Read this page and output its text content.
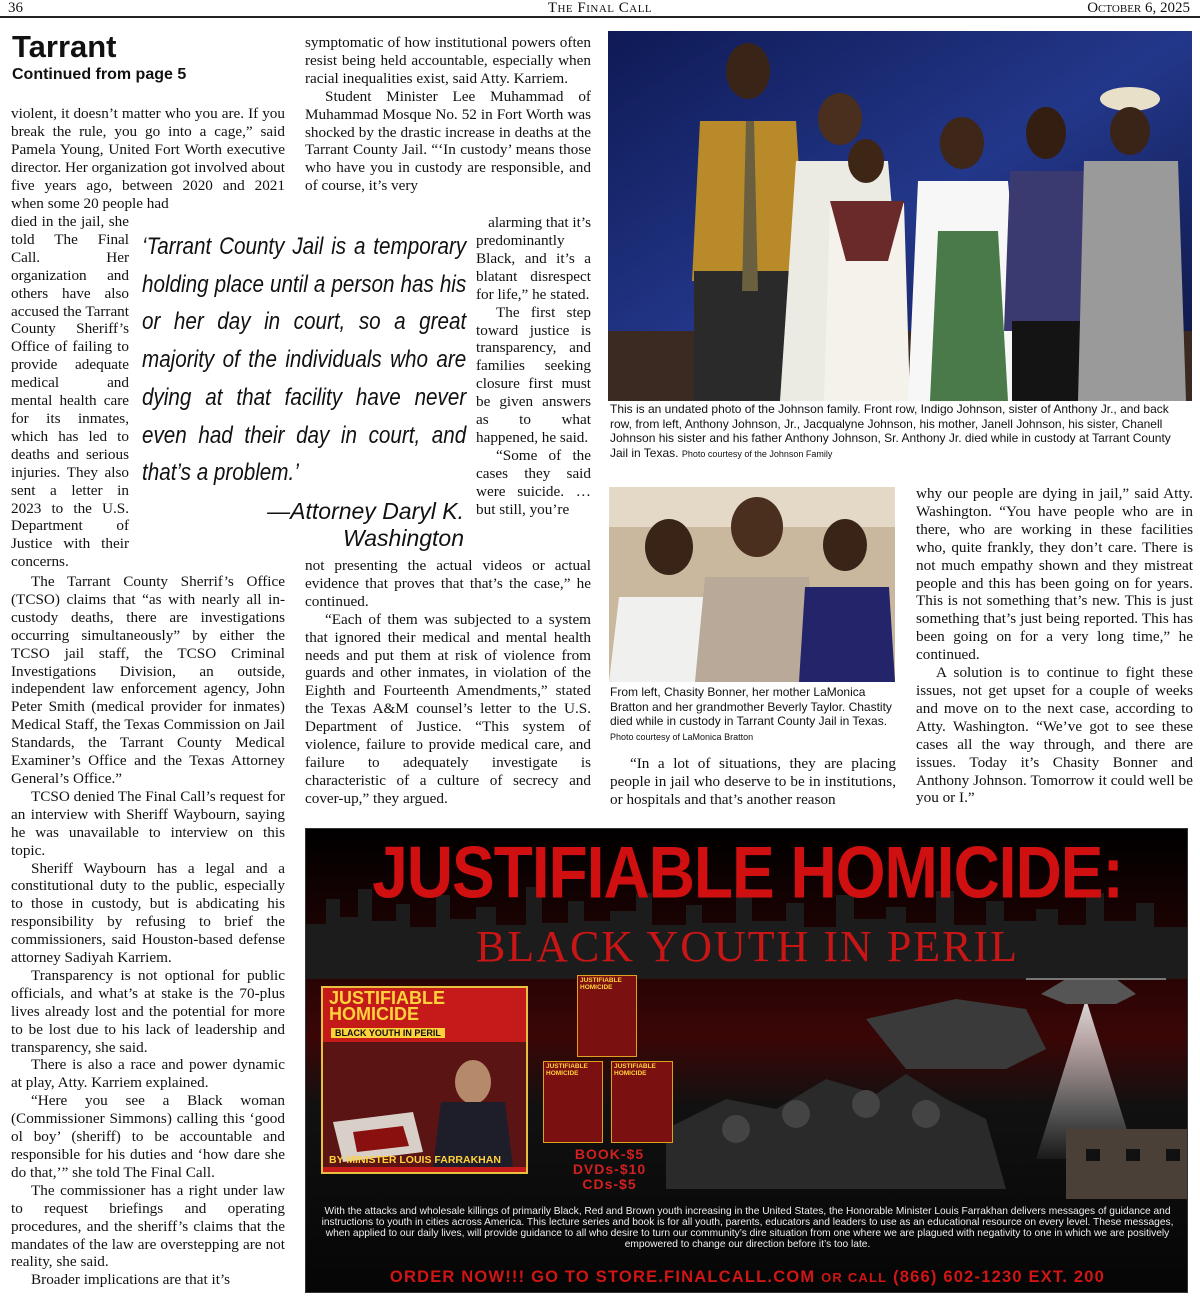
36	The Final Call	October 6, 2025
Tarrant
Continued from page 5

violent, it doesn’t matter who you are. If you break the rule, you go into a cage,” said Pamela Young, United Fort Worth executive director. Her organization got involved about five years ago, between 2020 and 2021 when some 20 people had

died in the jail, she told The Final Call. Her organization and others have also accused the Tarrant County Sheriff’s Office of failing to provide adequate medical and mental health care for its inmates, which has led to deaths and serious injuries. They also sent a letter in 2023 to the U.S. Department of Justice with their concerns.

The Tarrant County Sherrif’s Office (TCSO) claims that “as with nearly all in-custody deaths, there are investigations occurring simultaneously” by either the TCSO jail staff, the TCSO Criminal Investigations Division, an outside, independent law enforcement agency, John Peter Smith (medical provider for inmates) Medical Staff, the Texas Commission on Jail Standards, the Tarrant County Medical Examiner’s Office and the Texas Attorney General’s Office.”

TCSO denied The Final Call’s request for an interview with Sheriff Waybourn, saying he was unavailable to interview on this topic.

Sheriff Waybourn has a legal and a constitutional duty to the public, especially to those in custody, but is abdicating his responsibility by refusing to brief the commissioners, said Houston-based defense attorney Sadiyah Karriem.

Transparency is not optional for public officials, and what’s at stake is the 70-plus lives already lost and the potential for more to be lost due to his lack of leadership and transparency, she said.

There is also a race and power dynamic at play, Atty. Karriem explained.

“Here you see a Black woman (Commissioner Simmons) calling this ‘good ol boy’ (sheriff) to be accountable and responsible for his duties and ‘how dare she do that,’” she told The Final Call.

The commissioner has a right under law to request briefings and operating procedures, and the sheriff’s claims that the mandates of the law are overstepping are not reality, she said.

Broader implications are that it’s

symptomatic of how institutional powers often resist being held accountable, especially when racial inequalities exist, said Atty. Karriem.

Student Minister Lee Muhammad of Muhammad Mosque No. 52 in Fort Worth was shocked by the drastic increase in deaths at the Tarrant County Jail. “‘In custody’ means those who have you in custody are responsible, and of course, it’s very

alarming that it’s

predominantly Black, and it’s a blatant disrespect for life,” he stated.

The first step toward justice is transparency, and families seeking closure first must be given answers as to what happened, he said.

“Some of the cases they said were suicide. … but still, you’re

not presenting the actual videos or actual evidence that proves that that’s the case,” he continued.

“Each of them was subjected to a system that ignored their medical and mental health needs and put them at risk of violence from guards and other inmates, in violation of the Eighth and Fourteenth Amendments,” stated the Texas A&M counsel’s letter to the U.S. Department of Justice. “This system of violence, failure to provide medical care, and failure to adequately investigate is characteristic of a culture of secrecy and cover-up,” they argued.

‘Tarrant County Jail is a temporary holding place until a person has his or her day in court, so a great majority of the individuals who are dying at that facility have never even had their day in court, and that’s a problem.’
—Attorney Daryl K. Washington
This is an undated photo of the Johnson family. Front row, Indigo Johnson, sister of Anthony Jr., and back row, from left, Anthony Johnson, Jr., Jacqualyne Johnson, his mother, Janell Johnson, his sister, Chanell Johnson his sister and his father Anthony Johnson, Sr. Anthony Jr. died while in custody at Tarrant County Jail in Texas. Photo courtesy of the Johnson Family
From left, Chasity Bonner, her mother LaMonica Bratton and her grandmother Beverly Taylor. Chastity died while in custody in Tarrant County Jail in Texas. Photo courtesy of LaMonica Bratton

“In a lot of situations, they are placing people in jail who deserve to be in institutions, or hospitals and that’s another reason

why our people are dying in jail,” said Atty. Washington. “You have people who are in there, who are working in these facilities who, quite frankly, they don’t care. There is not much empathy shown and they mistreat people and this has been going on for years. This is not something that’s new. This is just something that’s just being reported. This has been going on for a very long time,” he continued.

A solution is to continue to fight these issues, not get upset for a couple of weeks and move on to the next case, according to Atty. Washington. “We’ve got to see these cases all the way through, and there are issues. Today it’s Chasity Bonner and Anthony Johnson. Tomorrow it could well be you or I.”

JUSTIFIABLE HOMICIDE:
BLACK YOUTH IN PERIL
JUSTIFIABLE HOMICIDE
BLACK YOUTH IN PERIL
BY MINISTER LOUIS FARRAKHAN
JUSTIFIABLE HOMICIDE
JUSTIFIABLE HOMICIDE
JUSTIFIABLE HOMICIDE
BOOK-$5
DVDs-$10
CDs-$5
With the attacks and wholesale killings of primarily Black, Red and Brown youth increasing in the United States, the Honorable Minister Louis Farrakhan delivers messages of guidance and instructions to youth in cities across America. This lecture series and book is for all youth, parents, educators and leaders to use as an educational resource on every level. These messages, when applied to our daily lives, will provide guidance to all who desire to turn our community’s dire situation from one where we are plagued with negativity to one in which we are positively empowered to change our direction before it’s too late.
ORDER NOW!!! GO TO STORE.FINALCALL.COM OR CALL (866) 602-1230 EXT. 200
